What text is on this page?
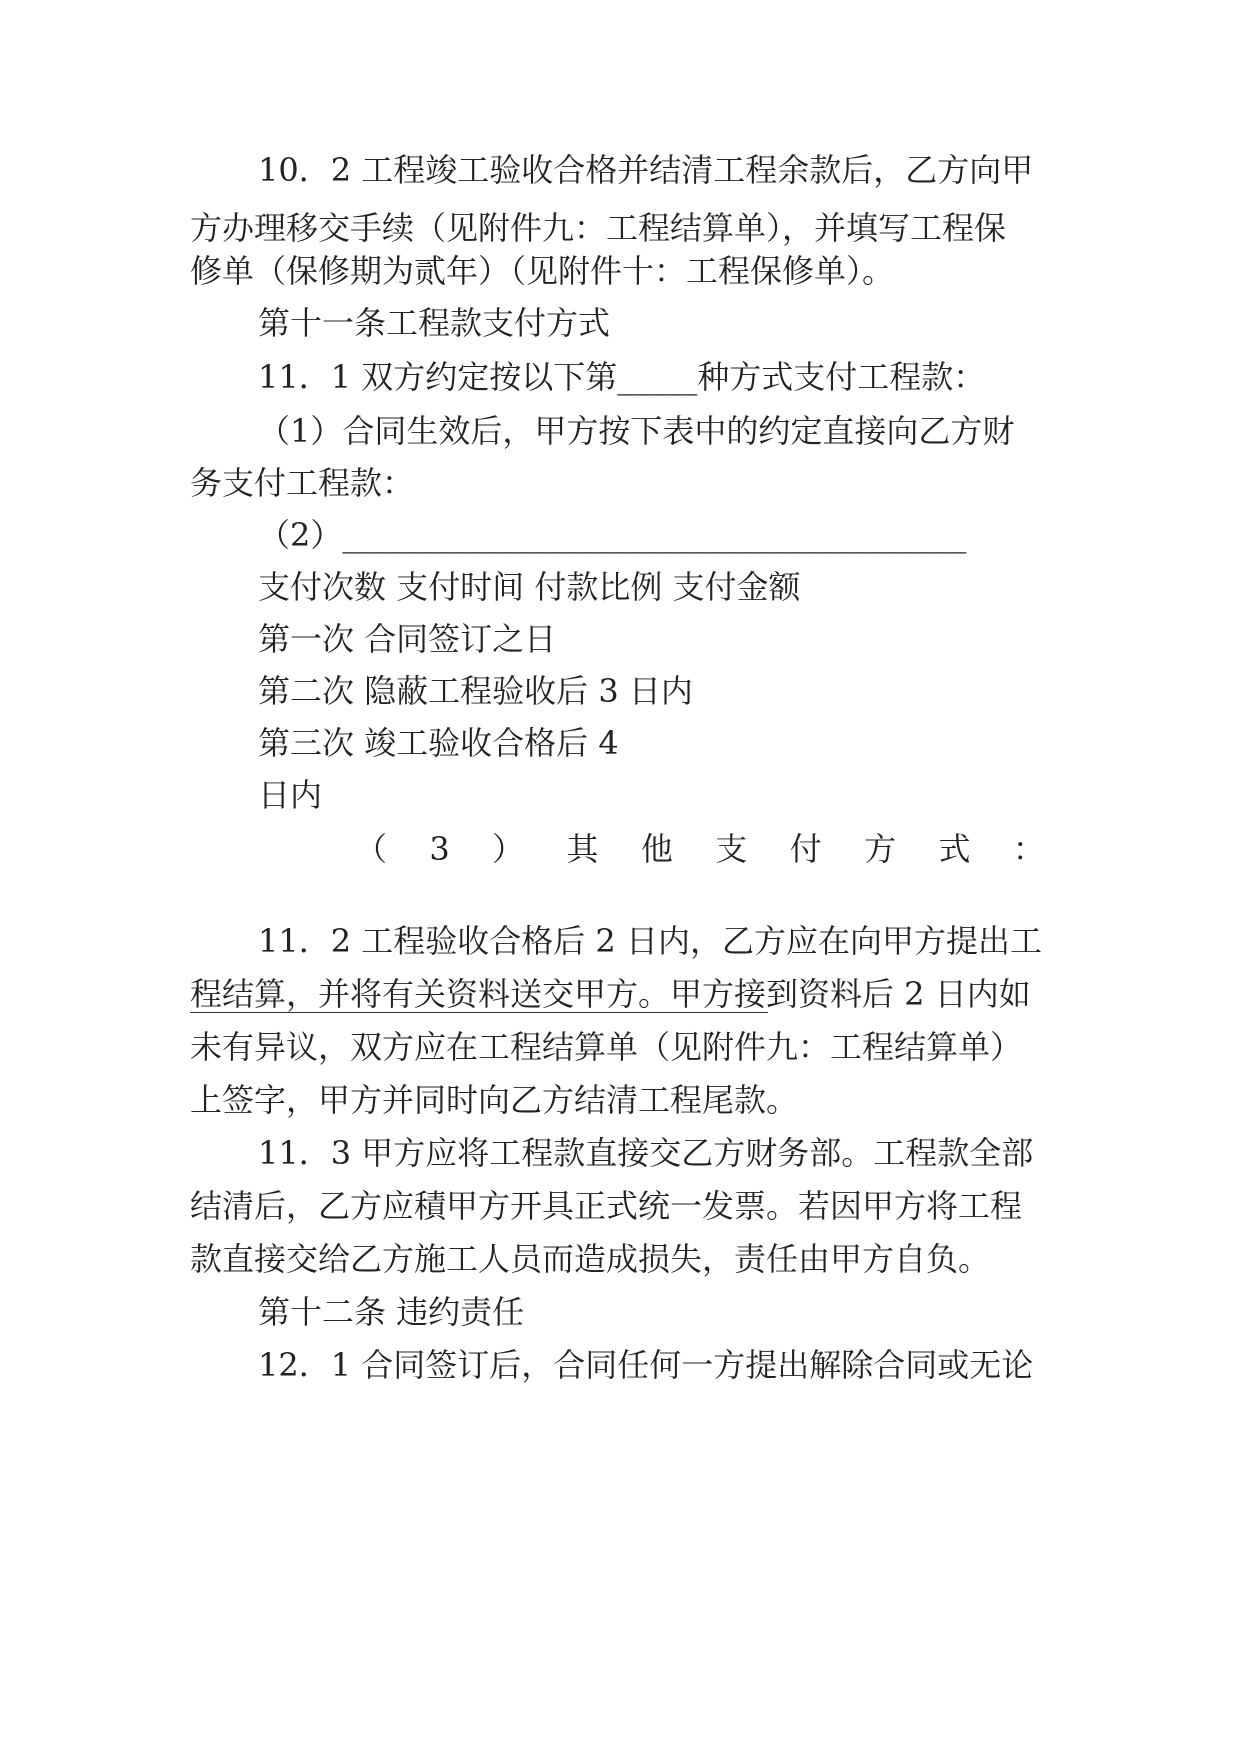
10．2 工程竣工验收合格并结清工程余款后，乙方向甲
方办理移交手续（见附件九：工程结算单），并填写工程保
修单（保修期为贰年）（见附件十：工程保修单）。
第十一条工程款支付方式
11．1 双方约定按以下第_____种方式支付工程款：
（1）合同生效后，甲方按下表中的约定直接向乙方财
务支付工程款：
（2）_______________________________________
支付次数 支付时间 付款比例 支付金额
第一次 合同签订之日
第二次 隐蔽工程验收后 3 日内
第三次 竣工验收合格后 4
日内
（ 3 ） 其 他 支 付 方 式 ：
11．2 工程验收合格后 2 日内，乙方应在向甲方提出工
程结算，并将有关资料送交甲方。甲方接到资料后 2 日内如
未有异议，双方应在工程结算单（见附件九：工程结算单）
上签字，甲方并同时向乙方结清工程尾款。
11．3 甲方应将工程款直接交乙方财务部。工程款全部
结清后，乙方应積甲方开具正式统一发票。若因甲方将工程
款直接交给乙方施工人员而造成损失，责任由甲方自负。
第十二条 违约责任
12．1 合同签订后，合同任何一方提出解除合同或无论
